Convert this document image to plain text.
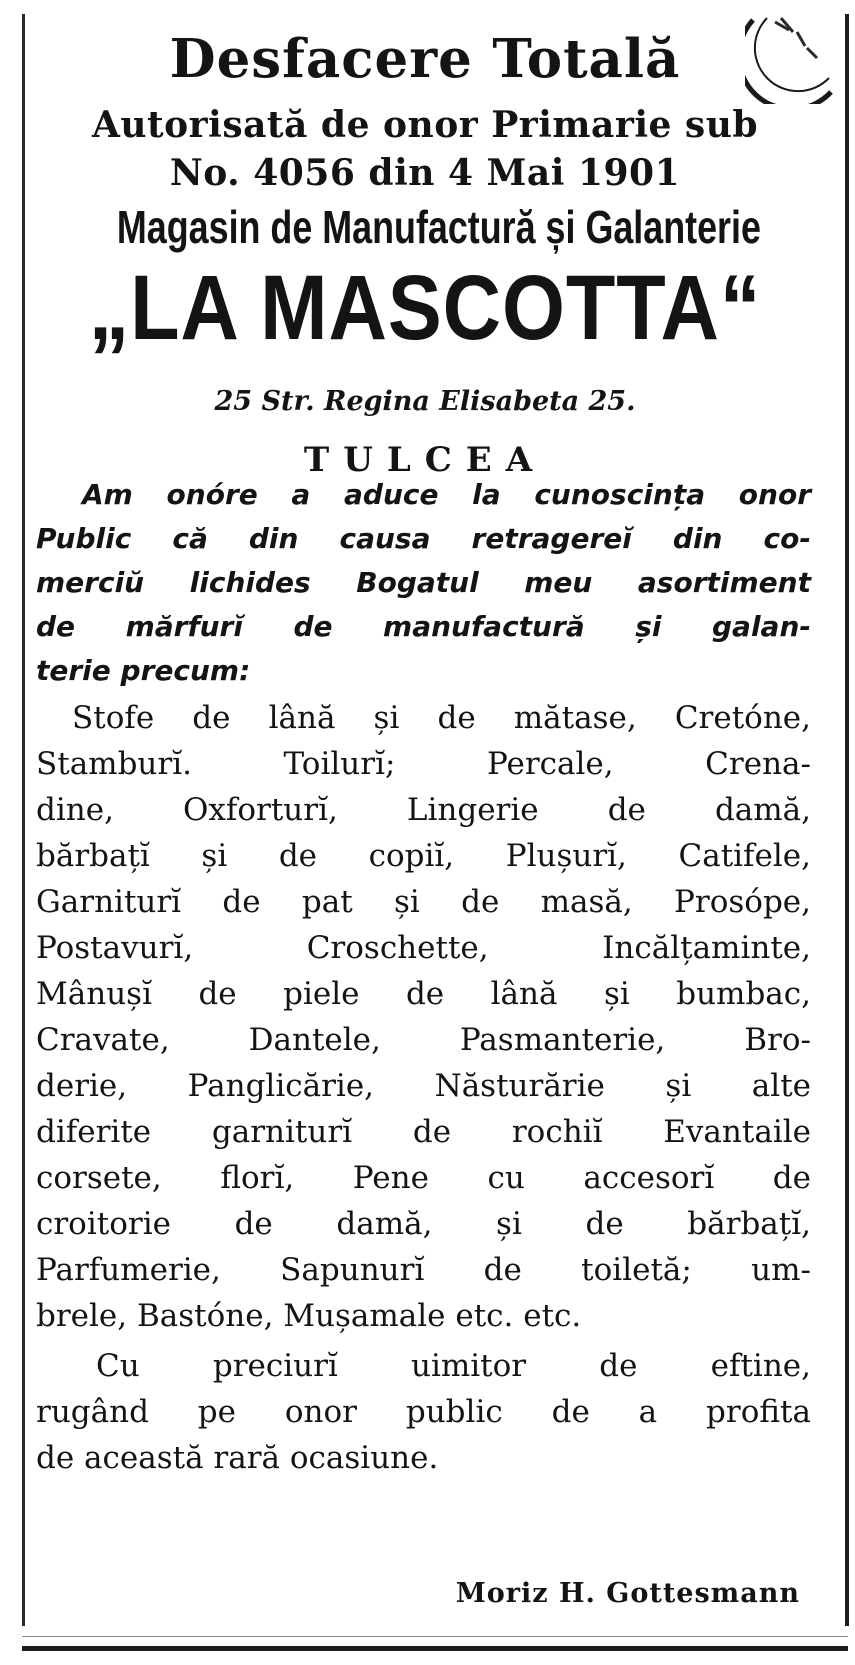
Desfacere Totală
Autorisată de onor Primarie sub
No. 4056 din 4 Mai 1901
Magasin de Manufactură și Galanterie
„LA MASCOTTA“
25 Str. Regina Elisabeta 25.
TULCEA
Am onóre a aduce la cunoscința onor
Public că din causa retragereĭ din co-
merciŭ lichides Bogatul meu asortiment
de mărfurĭ de manufactură și galan-
terie precum:
Stofe de lână și de mătase, Cretóne,
Stamburĭ. Toilurĭ; Percale, Crena-
dine, Oxforturĭ, Lingerie de damă,
bărbațĭ și de copiĭ, Plușurĭ, Catifele,
Garniturĭ de pat și de masă, Prosópe,
Postavurĭ, Croschette, Incălțaminte,
Mânușĭ de piele de lână și bumbac,
Cravate, Dantele, Pasmanterie, Bro-
derie, Panglicărie, Năsturărie și alte
diferite garniturĭ de rochiĭ Evantaile
corsete, florĭ, Pene cu accesorĭ de
croitorie de damă, și de bărbațĭ,
Parfumerie, Sapunurĭ de toiletă; um-
brele, Bastóne, Mușamale etc. etc.
Cu preciurĭ uimitor de eftine,
rugând pe onor public de a profita
de această rară ocasiune.
Moriz H. Gottesmann
